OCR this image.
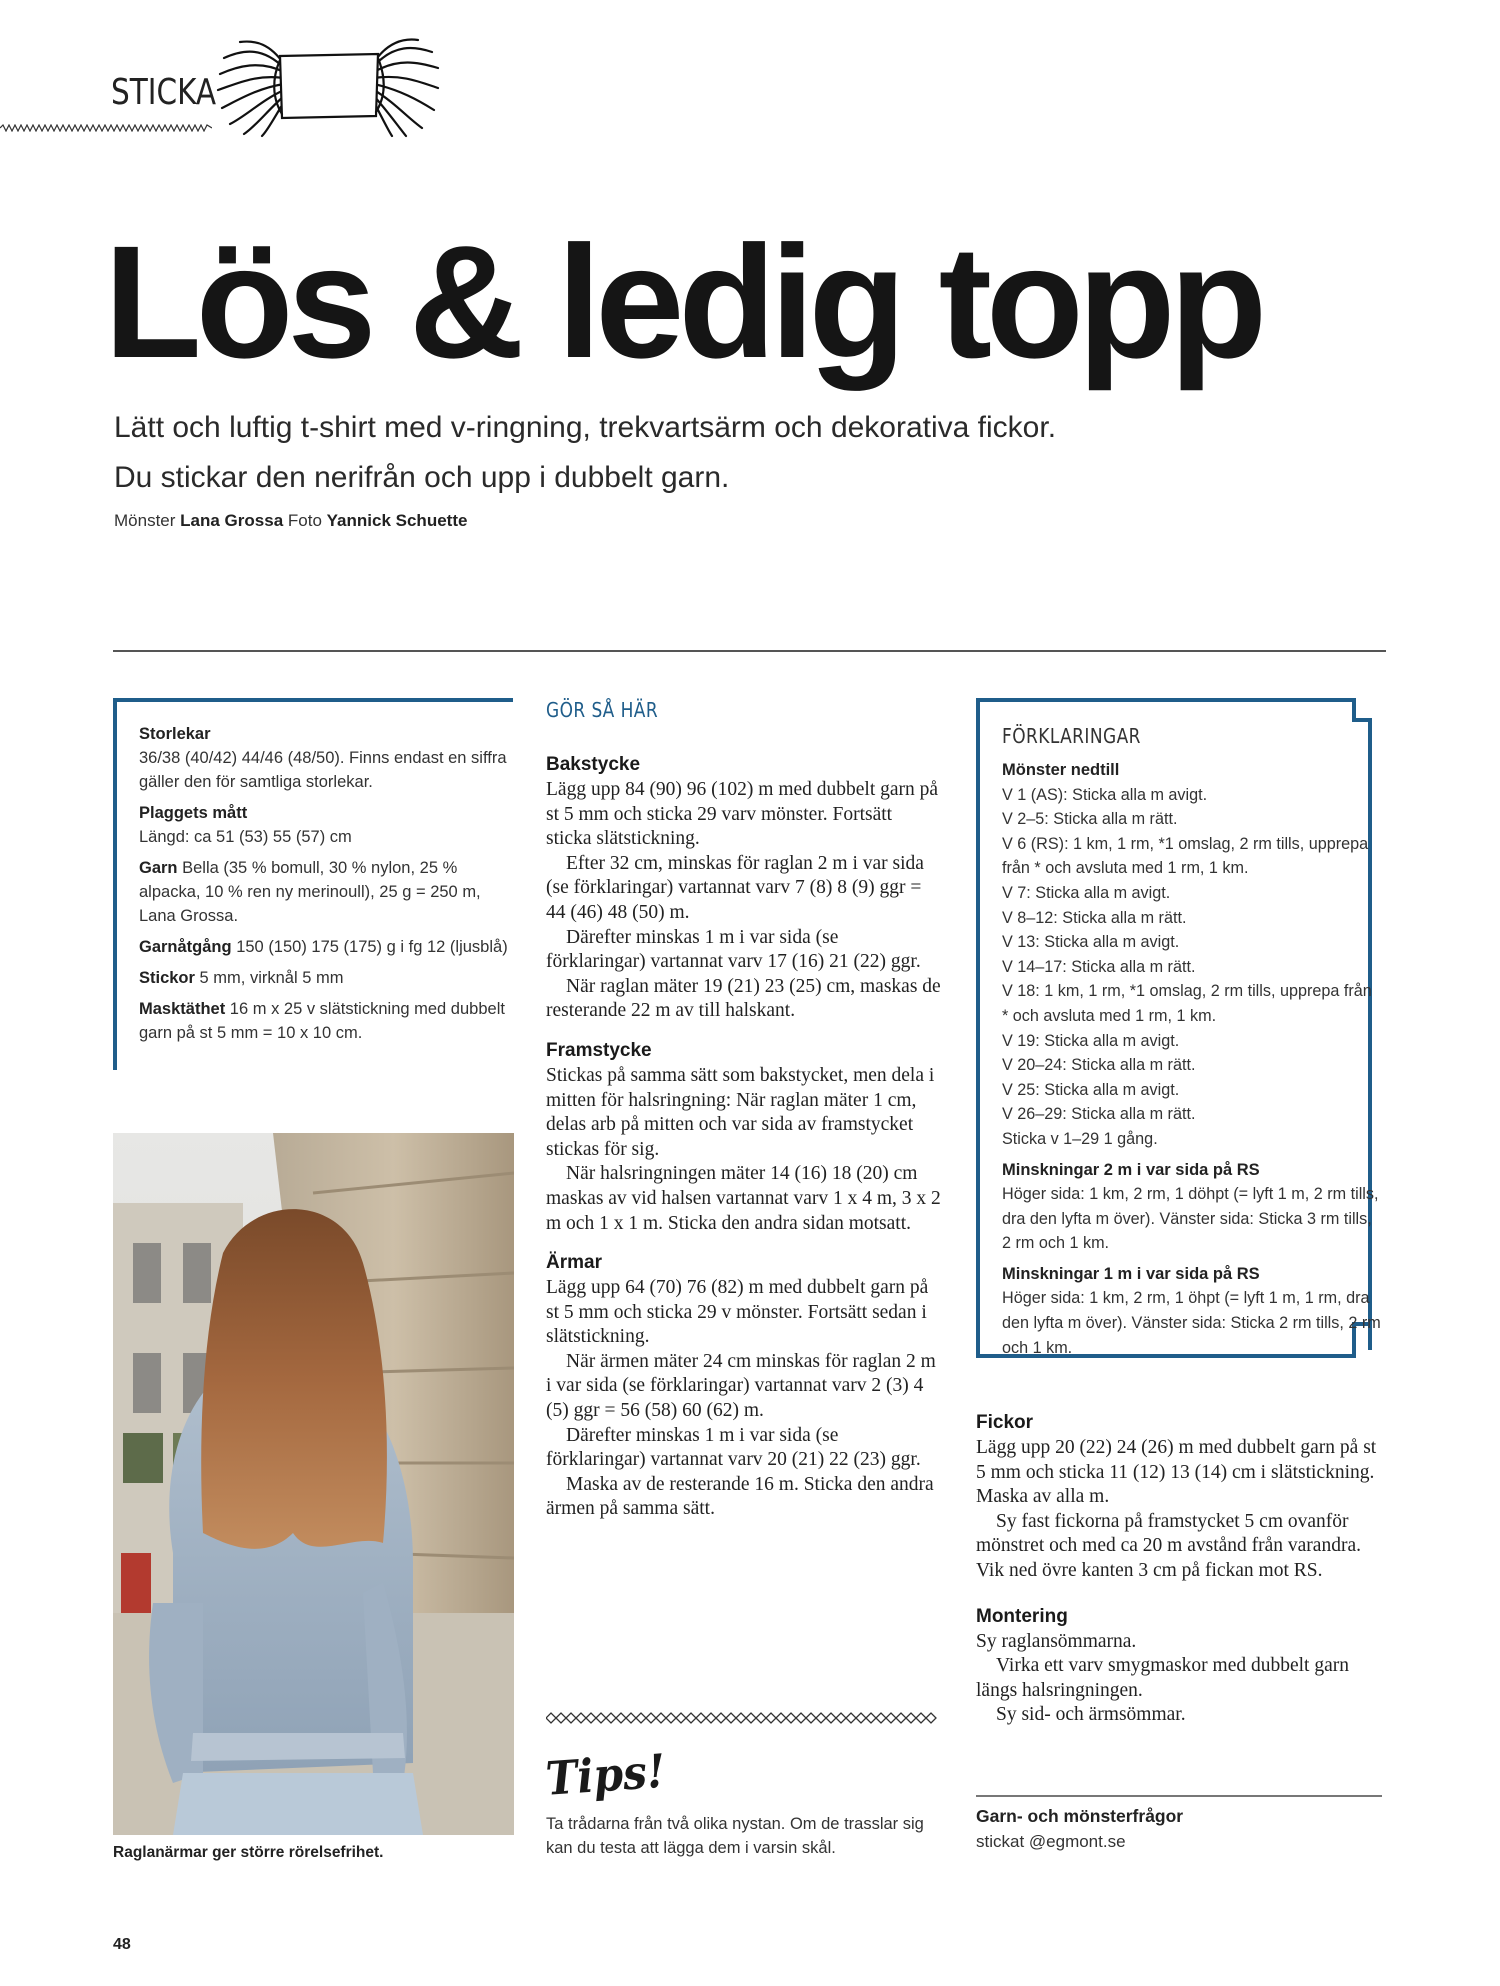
STICKA
Lös & ledig topp
Lätt och luftig t-shirt med v-ringning, trekvartsärm och dekorativa fickor.
Du stickar den nerifrån och upp i dubbelt garn.
Mönster Lana Grossa Foto Yannick Schuette
Storlekar
36/38 (40/42) 44/46 (48/50). Finns endast en siffra gäller den för samtliga storlekar.
Plaggets mått
Längd: ca 51 (53) 55 (57) cm
Garn Bella (35 % bomull, 30 % nylon, 25 % alpacka, 10 % ren ny merinoull), 25 g = 250 m, Lana Grossa.
Garnåtgång 150 (150) 175 (175) g i fg 12 (ljusblå)
Stickor 5 mm, virknål 5 mm
Masktäthet 16 m x 25 v slätstickning med dubbelt garn på st 5 mm = 10 x 10 cm.
Raglanärmar ger större rörelsefrihet.
48
GÖR SÅ HÄR
Bakstycke

Lägg upp 84 (90) 96 (102) m med dubbelt garn på st 5 mm och sticka 29 varv mönster. Fortsätt sticka slätstickning.

Efter 32 cm, minskas för raglan 2 m i var sida (se förklaringar) vartannat varv 7 (8) 8 (9) ggr = 44 (46) 48 (50) m.

Därefter minskas 1 m i var sida (se förklaringar) vartannat varv 17 (16) 21 (22) ggr.

När raglan mäter 19 (21) 23 (25) cm, maskas de resterande 22 m av till halskant.

Framstycke

Stickas på samma sätt som bakstycket, men dela i mitten för halsringning: När raglan mäter 1 cm, delas arb på mitten och var sida av framstycket stickas för sig.

När halsringningen mäter 14 (16) 18 (20) cm maskas av vid halsen vartannat varv 1 x 4 m, 3 x 2 m och 1 x 1 m. Sticka den andra sidan motsatt.

Ärmar

Lägg upp 64 (70) 76 (82) m med dubbelt garn på st 5 mm och sticka 29 v mönster. Fortsätt sedan i slätstickning.

När ärmen mäter 24 cm minskas för raglan 2 m i var sida (se förklaringar) vartannat varv 2 (3) 4 (5) ggr = 56 (58) 60 (62) m.

Därefter minskas 1 m i var sida (se förklaringar) vartannat varv 20 (21) 22 (23) ggr.

Maska av de resterande 16 m. Sticka den andra ärmen på samma sätt.

Tips!
Ta trådarna från två olika nystan. Om de trasslar sig kan du testa att lägga dem i varsin skål.
FÖRKLARINGAR
Mönster nedtill
V 1 (AS): Sticka alla m avigt.
V 2–5: Sticka alla m rätt.
V 6 (RS): 1 km, 1 rm, *1 omslag, 2 rm tills, upprepa från * och avsluta med 1 rm, 1 km.
V 7: Sticka alla m avigt.
V 8–12: Sticka alla m rätt.
V 13: Sticka alla m avigt.
V 14–17: Sticka alla m rätt.
V 18: 1 km, 1 rm, *1 omslag, 2 rm tills, upprepa från * och avsluta med 1 rm, 1 km.
V 19: Sticka alla m avigt.
V 20–24: Sticka alla m rätt.
V 25: Sticka alla m avigt.
V 26–29: Sticka alla m rätt.
Sticka v 1–29 1 gång.
Minskningar 2 m i var sida på RS
Höger sida: 1 km, 2 rm, 1 döhpt (= lyft 1 m, 2 rm tills, dra den lyfta m över). Vänster sida: Sticka 3 rm tills, 2 rm och 1 km.
Minskningar 1 m i var sida på RS
Höger sida: 1 km, 2 rm, 1 öhpt (= lyft 1 m, 1 rm, dra den lyfta m över). Vänster sida: Sticka 2 rm tills, 2 rm och 1 km.
Fickor

Lägg upp 20 (22) 24 (26) m med dubbelt garn på st 5 mm och sticka 11 (12) 13 (14) cm i slätstickning. Maska av alla m.

Sy fast fickorna på framstycket 5 cm ovanför mönstret och med ca 20 m avstånd från varandra. Vik ned övre kanten 3 cm på fickan mot RS.

Montering

Sy raglansömmarna.

Virka ett varv smygmaskor med dubbelt garn längs halsringningen.

Sy sid- och ärmsömmar.

Garn- och mönsterfrågor
stickat @egmont.se
